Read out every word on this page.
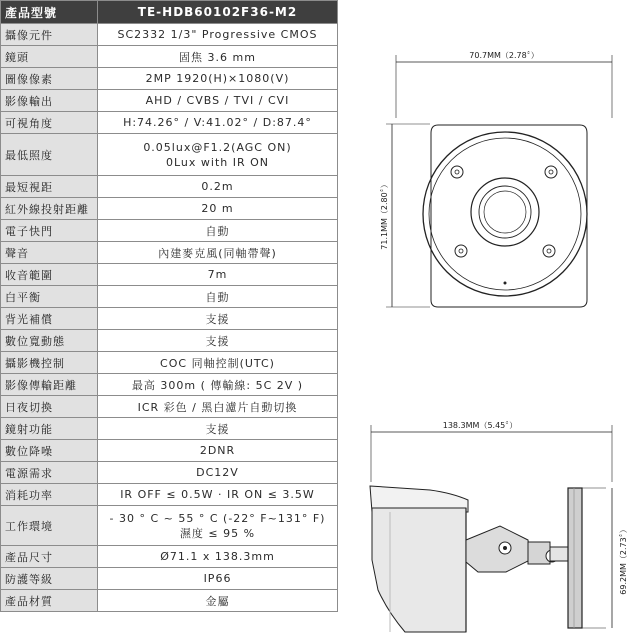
產品型號	TE-HDB60102F36-M2
攝像元件	SC2332 1/3" Progressive CMOS
鏡頭	固焦 3.6 mm
圖像像素	2MP 1920(H)×1080(V)
影像輸出	AHD / CVBS / TVI / CVI
可視角度	H:74.26° / V:41.02° / D:87.4°
最低照度	0.05lux@F1.2(AGC ON)
0Lux with IR ON

最短視距	0.2m
紅外線投射距離	20 m
電子快門	自動
聲音	內建麥克風(同軸帶聲)
收音範圍	7m
白平衡	自動
背光補償	支援
數位寬動態	支援
攝影機控制	COC 同軸控制(UTC)
影像傳輸距離	最高 300m ( 傳輸線: 5C 2V )
日夜切換	ICR 彩色 / 黑白濾片自動切換
鏡射功能	支援
數位降噪	2DNR
電源需求	DC12V
消耗功率	IR OFF ≤ 0.5W · IR ON ≤ 3.5W
工作環境	- 30 ° C ~ 55 ° C (-22° F~131° F)
濕度 ≤ 95 %

產品尺寸	Ø71.1 x 138.3mm
防護等級	IP66
產品材質	金屬
70.7MM（2.78〞）
71.1MM（2.80〞）
138.3MM（5.45〞）
69.2MM（2.73〞）
